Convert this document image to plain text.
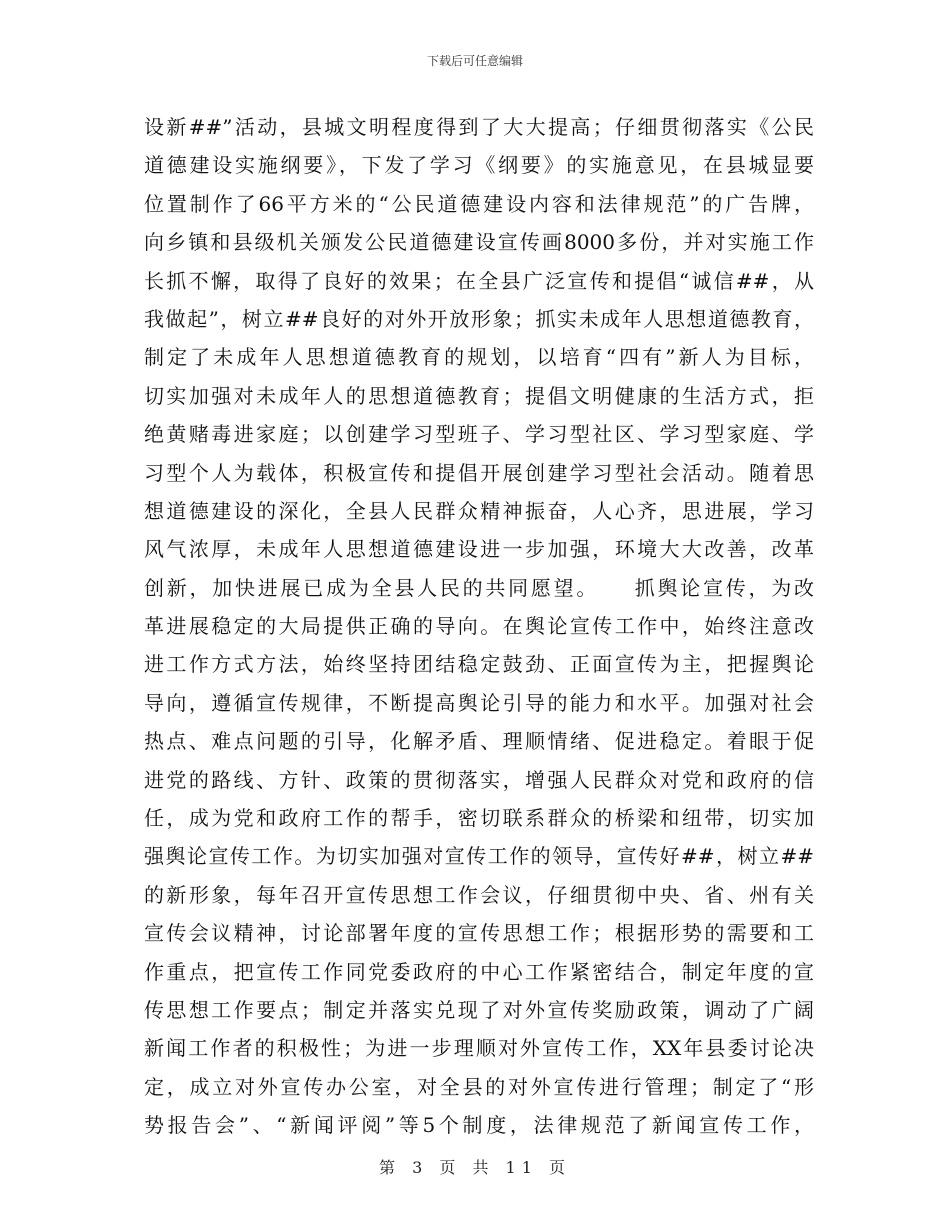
下载后可任意编辑
设新##”活动，县城文明程度得到了大大提高；仔细贯彻落实《公民
道德建设实施纲要》，下发了学习《纲要》的实施意见，在县城显要
位置制作了66平方米的“公民道德建设内容和法律规范”的广告牌，
向乡镇和县级机关颁发公民道德建设宣传画8000多份，并对实施工作
长抓不懈，取得了良好的效果；在全县广泛宣传和提倡“诚信##，从
我做起”，树立##良好的对外开放形象；抓实未成年人思想道德教育，
制定了未成年人思想道德教育的规划，以培育“四有”新人为目标，
切实加强对未成年人的思想道德教育；提倡文明健康的生活方式，拒
绝黄赌毒进家庭；以创建学习型班子、学习型社区、学习型家庭、学
习型个人为载体，积极宣传和提倡开展创建学习型社会活动。随着思
想道德建设的深化，全县人民群众精神振奋，人心齐，思进展，学习
风气浓厚，未成年人思想道德建设进一步加强，环境大大改善，改革
创新，加快进展已成为全县人民的共同愿望。　　抓舆论宣传，为改
革进展稳定的大局提供正确的导向。在舆论宣传工作中，始终注意改
进工作方式方法，始终坚持团结稳定鼓劲、正面宣传为主，把握舆论
导向，遵循宣传规律，不断提高舆论引导的能力和水平。加强对社会
热点、难点问题的引导，化解矛盾、理顺情绪、促进稳定。着眼于促
进党的路线、方针、政策的贯彻落实，增强人民群众对党和政府的信
任，成为党和政府工作的帮手，密切联系群众的桥梁和纽带，切实加
强舆论宣传工作。为切实加强对宣传工作的领导，宣传好##，树立##
的新形象，每年召开宣传思想工作会议，仔细贯彻中央、省、州有关
宣传会议精神，讨论部署年度的宣传思想工作；根据形势的需要和工
作重点，把宣传工作同党委政府的中心工作紧密结合，制定年度的宣
传思想工作要点；制定并落实兑现了对外宣传奖励政策，调动了广阔
新闻工作者的积极性；为进一步理顺对外宣传工作，XX年县委讨论决
定，成立对外宣传办公室，对全县的对外宣传进行管理；制定了“形
势报告会”、“新闻评阅”等5个制度，法律规范了新闻宣传工作，
第 3 页 共 11 页
